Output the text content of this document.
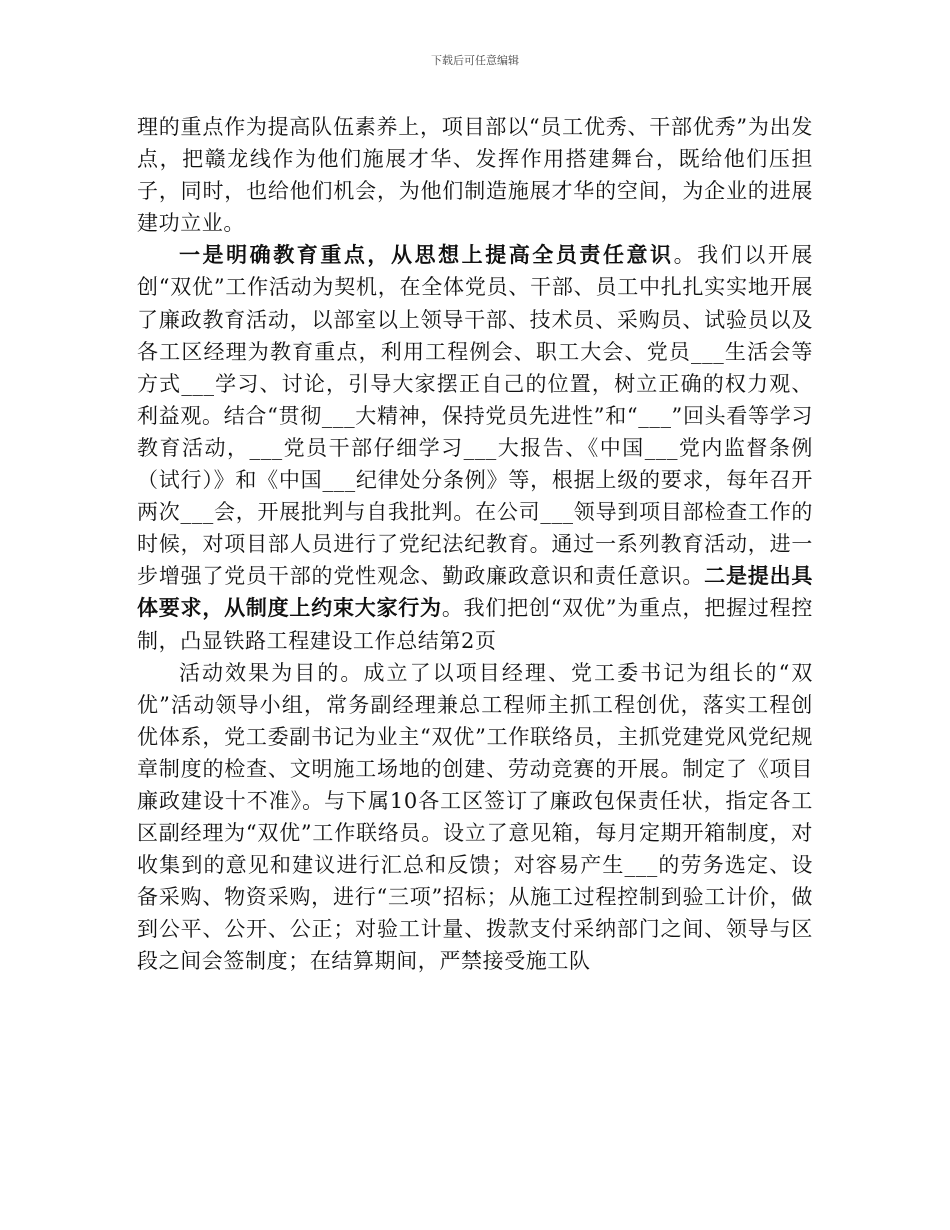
下载后可任意编辑

理的重点作为提高队伍素养上，项目部以“员工优秀、干部优秀”为出发点，把赣龙线作为他们施展才华、发挥作用搭建舞台，既给他们压担子，同时，也给他们机会，为他们制造施展才华的空间，为企业的进展建功立业。

一是明确教育重点，从思想上提高全员责任意识。我们以开展创“双优”工作活动为契机，在全体党员、干部、员工中扎扎实实地开展了廉政教育活动，以部室以上领导干部、技术员、采购员、试验员以及各工区经理为教育重点，利用工程例会、职工大会、党员___生活会等方式___学习、讨论，引导大家摆正自己的位置，树立正确的权力观、利益观。结合“贯彻___大精神，保持党员先进性”和“___”回头看等学习教育活动，___党员干部仔细学习___大报告、《中国___党内监督条例（试行）》和《中国___纪律处分条例》等，根据上级的要求，每年召开两次___会，开展批判与自我批判。在公司___领导到项目部检查工作的时候，对项目部人员进行了党纪法纪教育。通过一系列教育活动，进一步增强了党员干部的党性观念、勤政廉政意识和责任意识。二是提出具体要求，从制度上约束大家行为。我们把创“双优”为重点，把握过程控制，凸显铁路工程建设工作总结第2页

活动效果为目的。成立了以项目经理、党工委书记为组长的“双优”活动领导小组，常务副经理兼总工程师主抓工程创优，落实工程创优体系，党工委副书记为业主“双优”工作联络员，主抓党建党风党纪规章制度的检查、文明施工场地的创建、劳动竞赛的开展。制定了《项目廉政建设十不准》。与下属10各工区签订了廉政包保责任状，指定各工区副经理为“双优”工作联络员。设立了意见箱，每月定期开箱制度，对收集到的意见和建议进行汇总和反馈；对容易产生___的劳务选定、设备采购、物资采购，进行“三项”招标；从施工过程控制到验工计价，做到公平、公开、公正；对验工计量、拨款支付采纳部门之间、领导与区段之间会签制度；在结算期间，严禁接受施工队
